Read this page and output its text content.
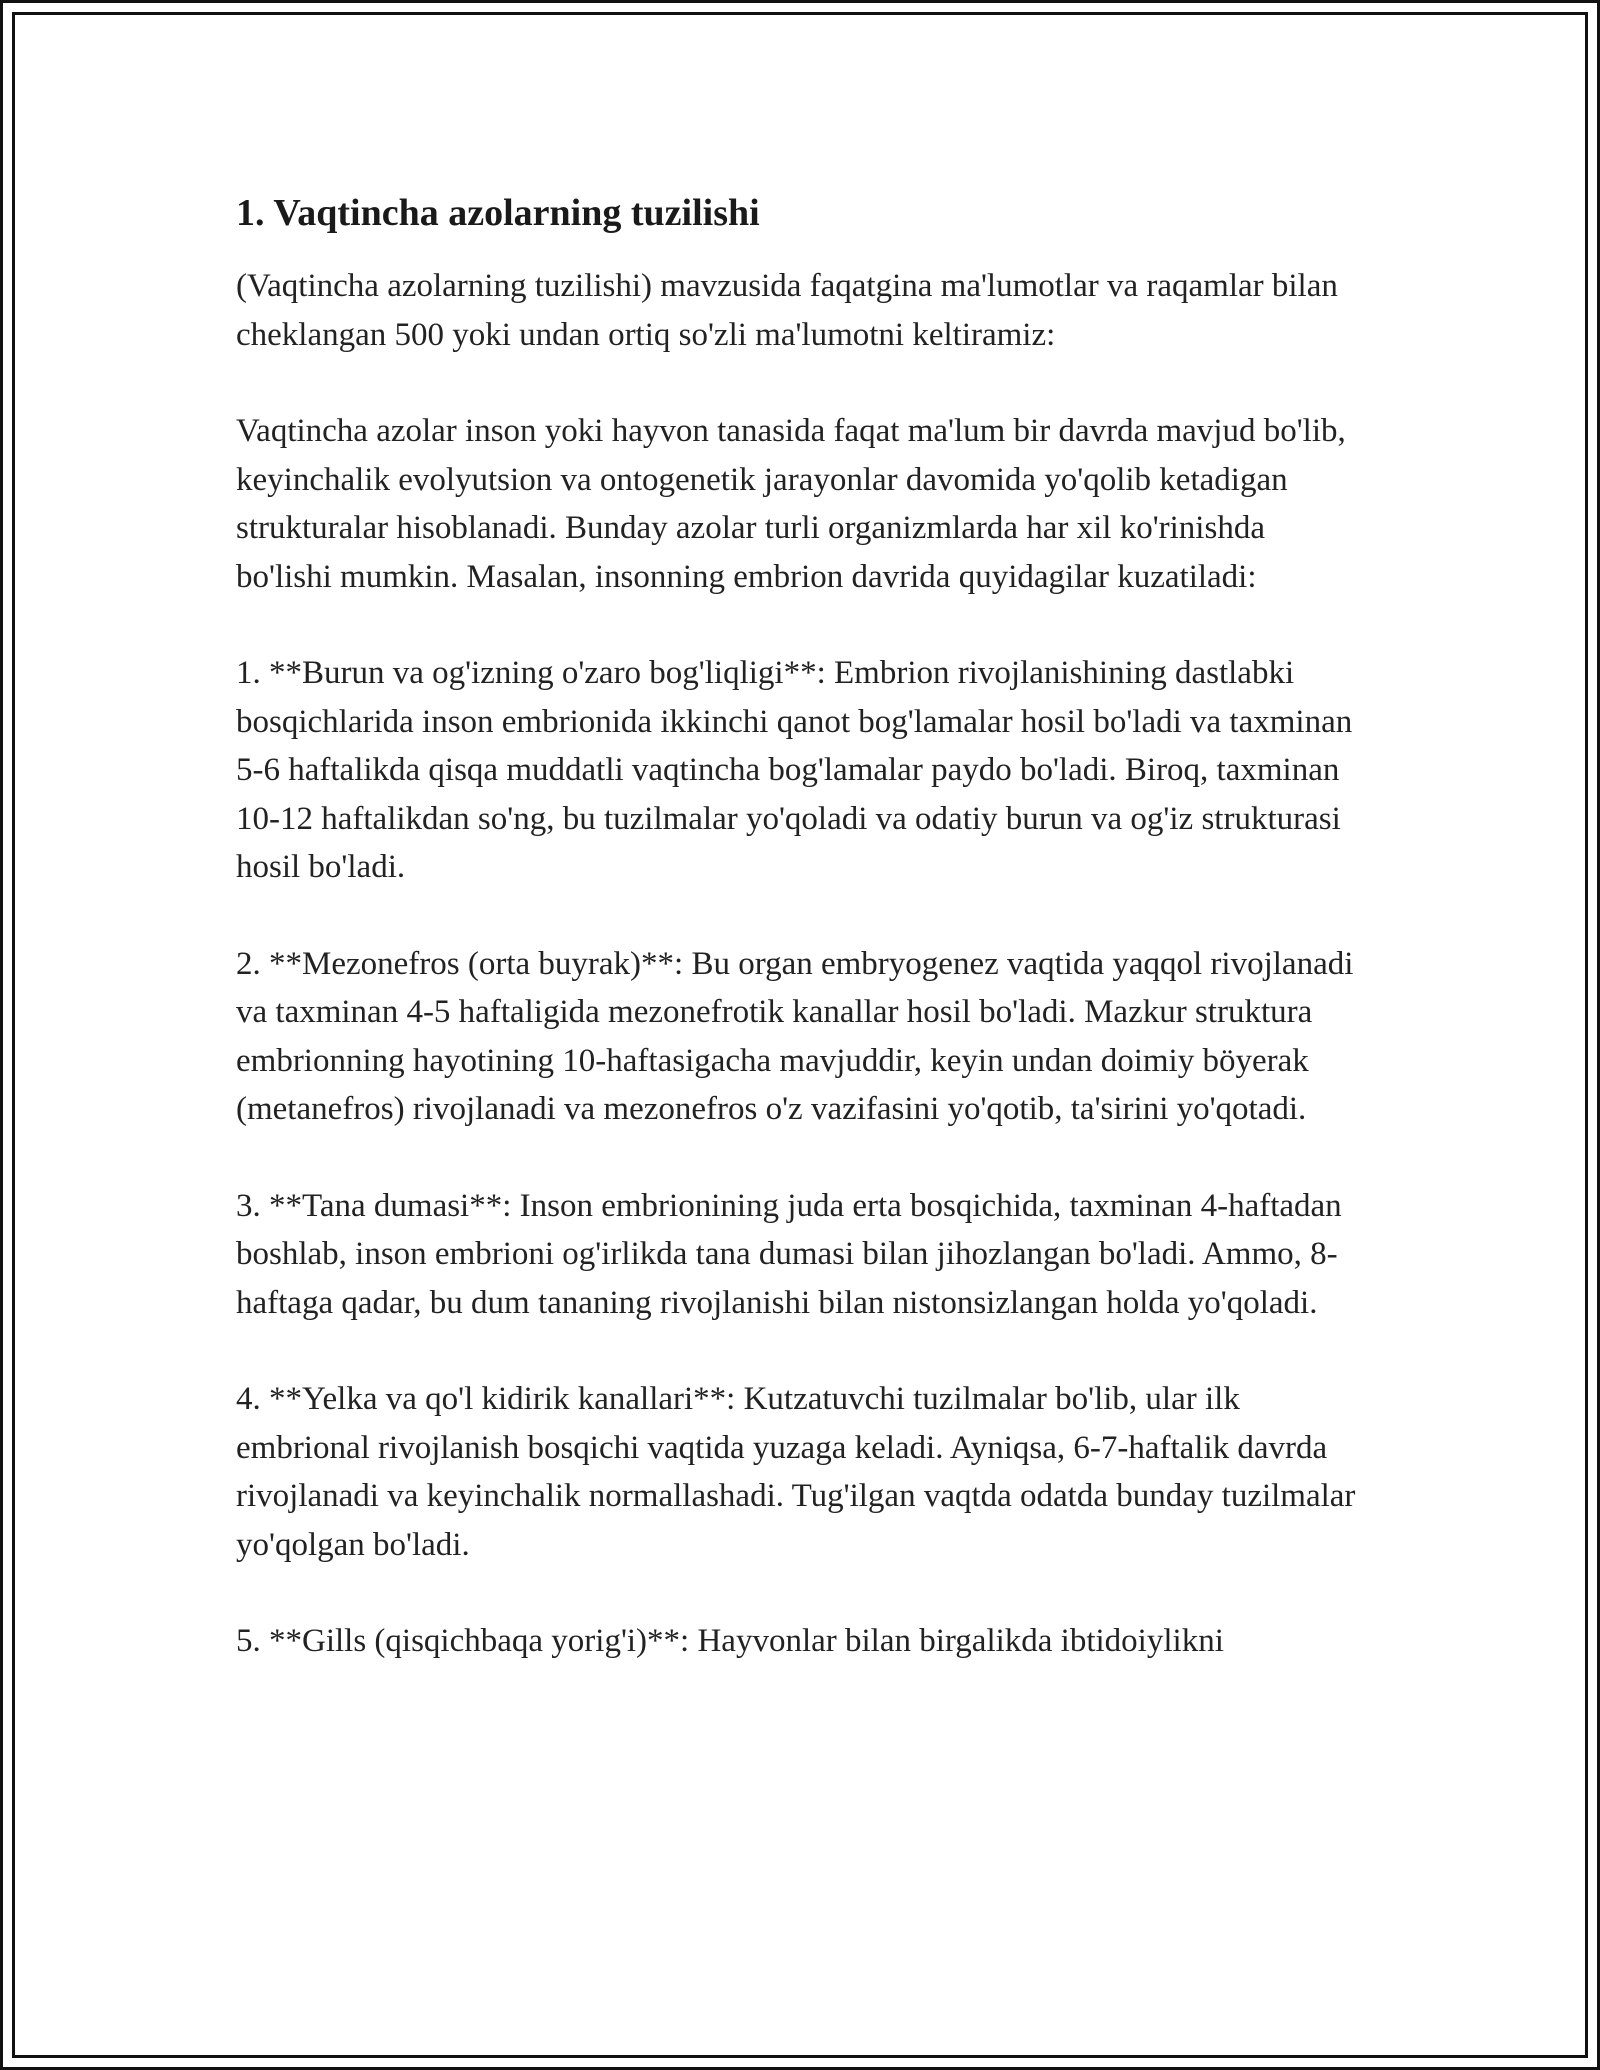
1. Vaqtincha azolarning tuzilishi

(Vaqtincha azolarning tuzilishi) mavzusida faqatgina ma'lumotlar va raqamlar bilan cheklangan 500 yoki undan ortiq so'zli ma'lumotni keltiramiz:

Vaqtincha azolar inson yoki hayvon tanasida faqat ma'lum bir davrda mavjud bo'lib, keyinchalik evolyutsion va ontogenetik jarayonlar davomida yo'qolib ketadigan strukturalar hisoblanadi. Bunday azolar turli organizmlarda har xil ko'rinishda bo'lishi mumkin. Masalan, insonning embrion davrida quyidagilar kuzatiladi:

1. **Burun va og'izning o'zaro bog'liqligi**: Embrion rivojlanishining dastlabki bosqichlarida inson embrionida ikkinchi qanot bog'lamalar hosil bo'ladi va taxminan 5-6 haftalikda qisqa muddatli vaqtincha bog'lamalar paydo bo'ladi. Biroq, taxminan 10-12 haftalikdan so'ng, bu tuzilmalar yo'qoladi va odatiy burun va og'iz strukturasi hosil bo'ladi.

2. **Mezonefros (orta buyrak)**: Bu organ embryogenez vaqtida yaqqol rivojlanadi va taxminan 4-5 haftaligida mezonefrotik kanallar hosil bo'ladi. Mazkur struktura embrionning hayotining 10-haftasigacha mavjuddir, keyin undan doimiy böyerak (metanefros) rivojlanadi va mezonefros o'z vazifasini yo'qotib, ta'sirini yo'qotadi.

3. **Tana dumasi**: Inson embrionining juda erta bosqichida, taxminan 4-haftadan boshlab, inson embrioni og'irlikda tana dumasi bilan jihozlangan bo'ladi. Ammo, 8-haftaga qadar, bu dum tananing rivojlanishi bilan nistonsizlangan holda yo'qoladi.

4. **Yelka va qo'l kidirik kanallari**: Kutzatuvchi tuzilmalar bo'lib, ular ilk embrional rivojlanish bosqichi vaqtida yuzaga keladi. Ayniqsa, 6-7-haftalik davrda rivojlanadi va keyinchalik normallashadi. Tug'ilgan vaqtda odatda bunday tuzilmalar yo'qolgan bo'ladi.

5. **Gills (qisqichbaqa yorig'i)**: Hayvonlar bilan birgalikda ibtidoiylikni
